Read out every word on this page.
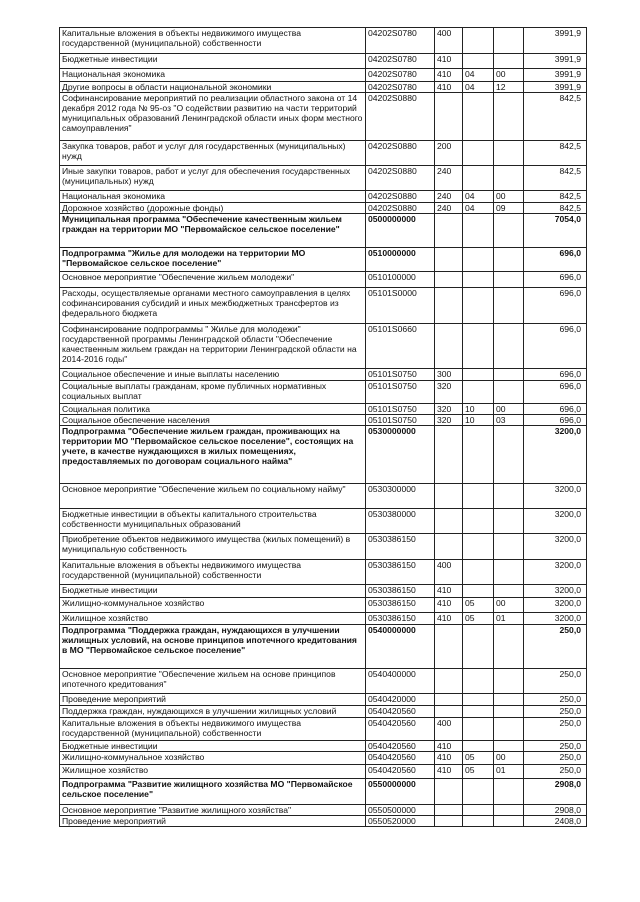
Капитальные вложения в объекты недвижимого имущества государственной (муниципальной) собственности	04202S0780	400			3991,9
Бюджетные инвестиции	04202S0780	410			3991,9
Национальная экономика	04202S0780	410	04	00	3991,9
Другие вопросы в области национальной экономики	04202S0780	410	04	12	3991,9
Софинансирование мероприятий по реализации областного закона от 14 декабря 2012 года № 95-оз "О содействии развитию на части территорий муниципальных образований Ленинградской области иных форм местного самоуправления"	04202S0880				842,5
Закупка товаров, работ и услуг для государственных (муниципальных) нужд	04202S0880	200			842,5
Иные закупки товаров, работ и услуг для обеспечения государственных (муниципальных) нужд	04202S0880	240			842,5
Национальная экономика	04202S0880	240	04	00	842,5
Дорожное хозяйство (дорожные фонды)	04202S0880	240	04	09	842,5
Муниципальная программа "Обеспечение качественным жильем граждан на территории МО "Первомайское сельское поселение"	0500000000				7054,0
Подпрограмма "Жилье для молодежи на территории МО "Первомайское сельское поселение"	0510000000				696,0
Основное мероприятие "Обеспечение жильем молодежи"	0510100000				696,0
Расходы, осуществляемые органами местного самоуправления в целях софинансирования субсидий и иных межбюджетных трансфертов из федерального бюджета	05101S0000				696,0
Софинансирование подпрограммы " Жилье для молодежи" государственной программы Ленинградской области "Обеспечение качественным жильем граждан на территории Ленинградской области на 2014-2016 годы"	05101S0660				696,0
Социальное обеспечение и иные выплаты населению	05101S0750	300			696,0
Социальные выплаты гражданам, кроме публичных нормативных социальных выплат	05101S0750	320			696,0
Социальная политика	05101S0750	320	10	00	696,0
Социальное обеспечение населения	05101S0750	320	10	03	696,0
Подпрограмма "Обеспечение жильем граждан, проживающих на территории МО "Первомайское сельское поселение", состоящих на учете, в качестве нуждающихся в жилых помещениях, предоставляемых по договорам социального найма"	0530000000				3200,0
Основное мероприятие "Обеспечение жильем по социальному найму"	0530300000				3200,0
Бюджетные инвестиции в объекты капитального строительства собственности муниципальных образований	0530380000				3200,0
Приобретение объектов недвижимого имущества (жилых помещений) в муниципальную собственность	0530386150				3200,0
Капитальные вложения в объекты недвижимого имущества государственной (муниципальной) собственности	0530386150	400			3200,0
Бюджетные инвестиции	0530386150	410			3200,0
Жилищно-коммунальное хозяйство	0530386150	410	05	00	3200,0
Жилищное хозяйство	0530386150	410	05	01	3200,0
Подпрограмма "Поддержка граждан, нуждающихся в улучшении жилищных условий, на основе принципов ипотечного кредитования в МО "Первомайское сельское поселение"	0540000000				250,0
Основное мероприятие "Обеспечение жильем на основе принципов ипотечного кредитования"	0540400000				250,0
Проведение мероприятий	0540420000				250,0
Поддержка граждан, нуждающихся в улучшении жилищных условий	0540420560				250,0
Капитальные вложения в объекты недвижимого имущества государственной (муниципальной) собственности	0540420560	400			250,0
Бюджетные инвестиции	0540420560	410			250,0
Жилищно-коммунальное хозяйство	0540420560	410	05	00	250,0
Жилищное хозяйство	0540420560	410	05	01	250,0
Подпрограмма "Развитие жилищного хозяйства МО "Первомайское сельское поселение"	0550000000				2908,0
Основное мероприятие "Развитие жилищного хозяйства"	0550500000				2908,0
Проведение мероприятий	0550520000				2408,0
